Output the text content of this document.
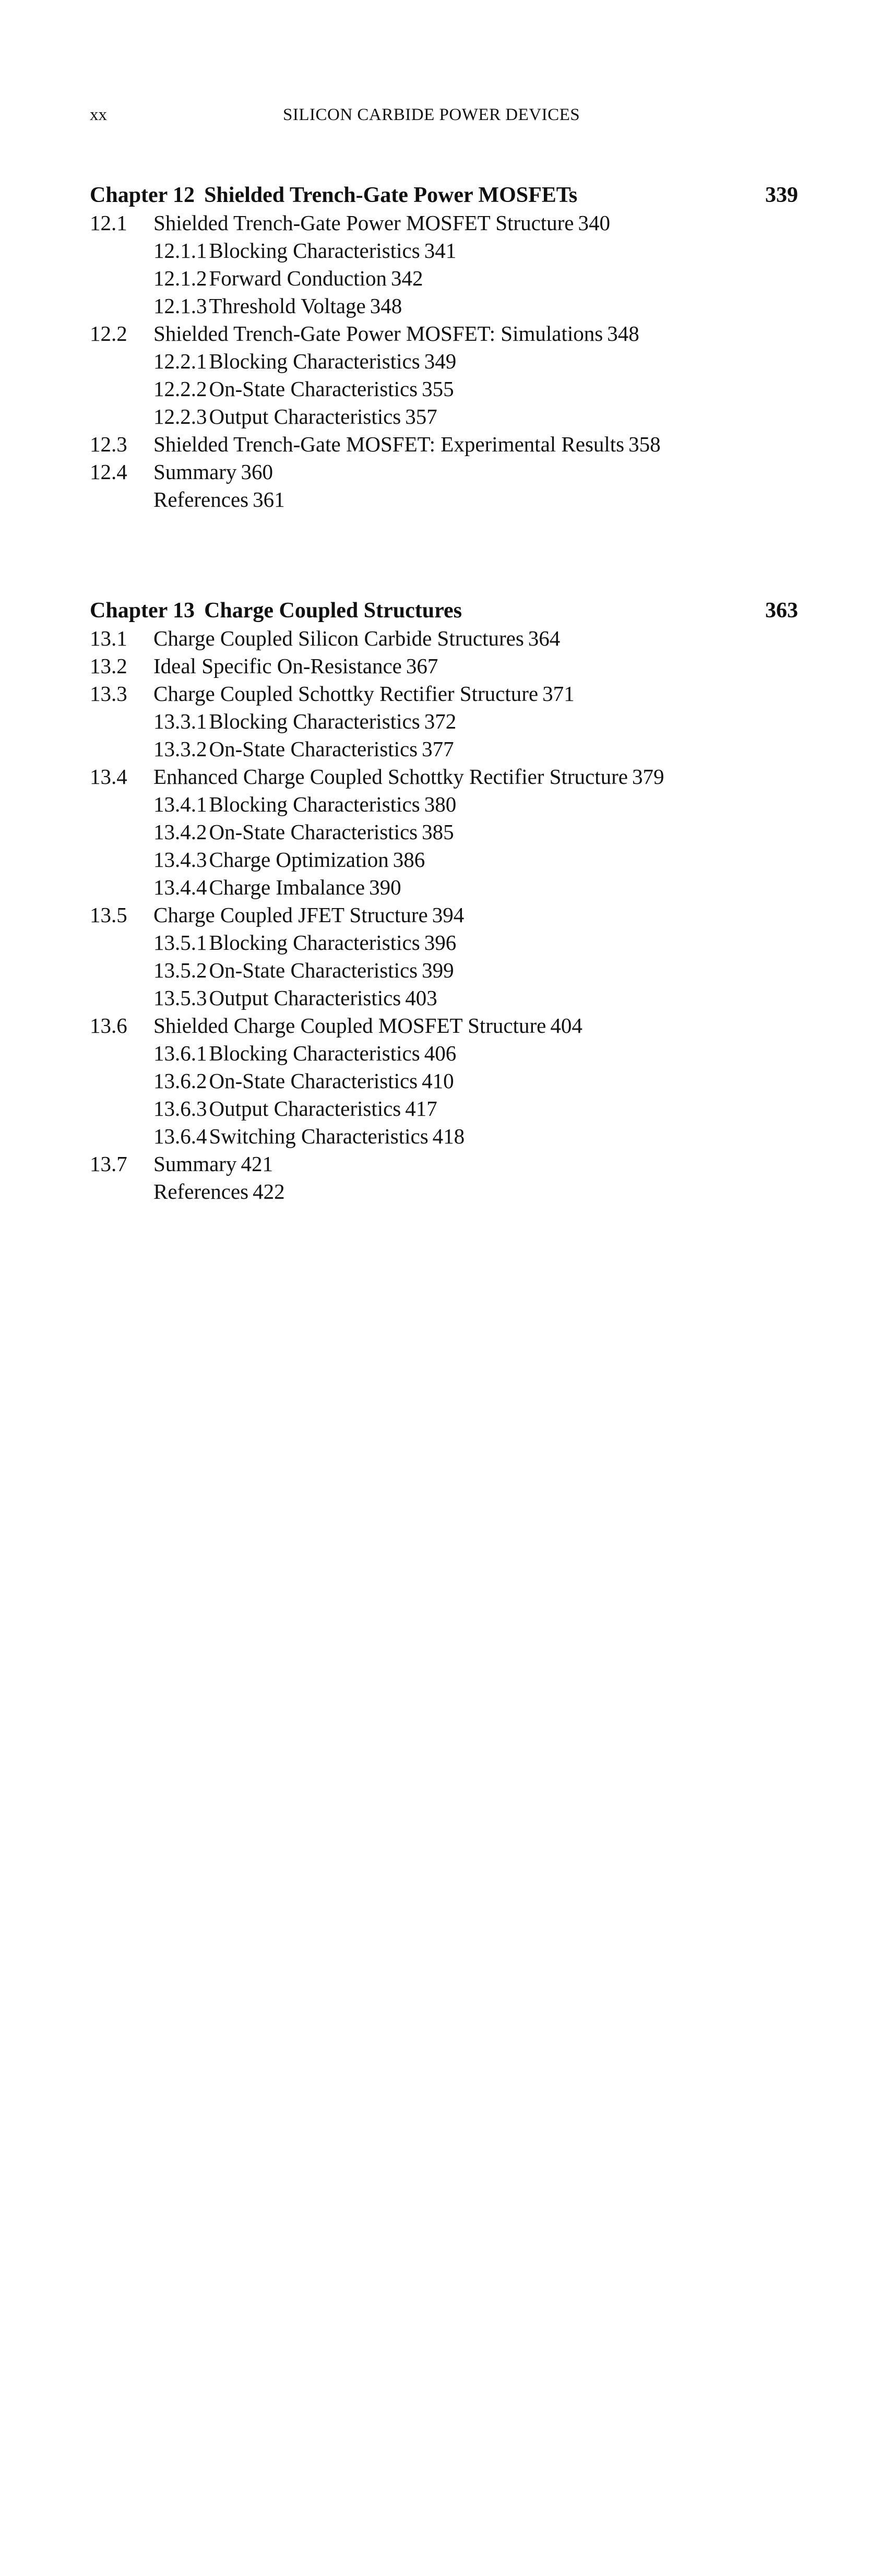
xx	SILICON CARBIDE POWER DEVICES
Chapter 12 Shielded Trench-Gate Power MOSFETs	339
12.1	Shielded Trench-Gate Power MOSFET Structure 340
12.1.1 Blocking Characteristics 341
12.1.2 Forward Conduction 342
12.1.3 Threshold Voltage 348
12.2	Shielded Trench-Gate Power MOSFET: Simulations 348
12.2.1 Blocking Characteristics 349
12.2.2 On-State Characteristics 355
12.2.3 Output Characteristics 357
12.3	Shielded Trench-Gate MOSFET: Experimental Results 358
12.4	Summary 360
References 361
Chapter 13 Charge Coupled Structures	363
13.1	Charge Coupled Silicon Carbide Structures 364
13.2	Ideal Specific On-Resistance 367
13.3	Charge Coupled Schottky Rectifier Structure 371
13.3.1 Blocking Characteristics 372
13.3.2 On-State Characteristics 377
13.4	Enhanced Charge Coupled Schottky Rectifier Structure 379
13.4.1 Blocking Characteristics 380
13.4.2 On-State Characteristics 385
13.4.3 Charge Optimization 386
13.4.4 Charge Imbalance 390
13.5	Charge Coupled JFET Structure 394
13.5.1 Blocking Characteristics 396
13.5.2 On-State Characteristics 399
13.5.3 Output Characteristics 403
13.6	Shielded Charge Coupled MOSFET Structure 404
13.6.1 Blocking Characteristics 406
13.6.2 On-State Characteristics 410
13.6.3 Output Characteristics 417
13.6.4 Switching Characteristics 418
13.7	Summary 421
References 422
